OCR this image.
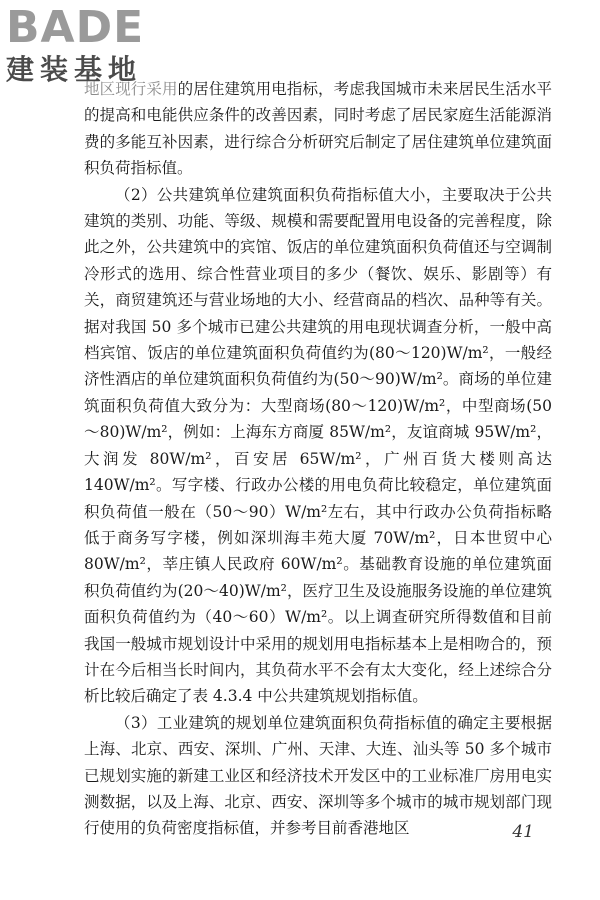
BADE
建装基地

地区现行采用的居住建筑用电指标，考虑我国城市未来居民生活水平的提高和电能供应条件的改善因素，同时考虑了居民家庭生活能源消费的多能互补因素，进行综合分析研究后制定了居住建筑单位建筑面积负荷指标值。

（2）公共建筑单位建筑面积负荷指标值大小，主要取决于公共建筑的类别、功能、等级、规模和需要配置用电设备的完善程度，除此之外，公共建筑中的宾馆、饭店的单位建筑面积负荷值还与空调制冷形式的选用、综合性营业项目的多少（餐饮、娱乐、影剧等）有关，商贸建筑还与营业场地的大小、经营商品的档次、品种等有关。据对我国 50 多个城市已建公共建筑的用电现状调查分析，一般中高档宾馆、饭店的单位建筑面积负荷值约为(80～120)W/m²，一般经济性酒店的单位建筑面积负荷值约为(50～90)W/m²。商场的单位建筑面积负荷值大致分为：大型商场(80～120)W/m²，中型商场(50～80)W/m²，例如：上海东方商厦 85W/m²，友谊商城 95W/m²，大润发 80W/m²，百安居 65W/m²，广州百货大楼则高达 140W/m²。写字楼、行政办公楼的用电负荷比较稳定，单位建筑面积负荷值一般在（50～90）W/m²左右，其中行政办公负荷指标略低于商务写字楼，例如深圳海丰苑大厦 70W/m²，日本世贸中心 80W/m²，莘庄镇人民政府 60W/m²。基础教育设施的单位建筑面积负荷值约为(20～40)W/m²，医疗卫生及设施服务设施的单位建筑面积负荷值约为（40～60）W/m²。以上调查研究所得数值和目前我国一般城市规划设计中采用的规划用电指标基本上是相吻合的，预计在今后相当长时间内，其负荷水平不会有太大变化，经上述综合分析比较后确定了表 4.3.4 中公共建筑规划指标值。

（3）工业建筑的规划单位建筑面积负荷指标值的确定主要根据上海、北京、西安、深圳、广州、天津、大连、汕头等 50 多个城市已规划实施的新建工业区和经济技术开发区中的工业标准厂房用电实测数据，以及上海、北京、西安、深圳等多个城市的城市规划部门现行使用的负荷密度指标值，并参考目前香港地区	41
